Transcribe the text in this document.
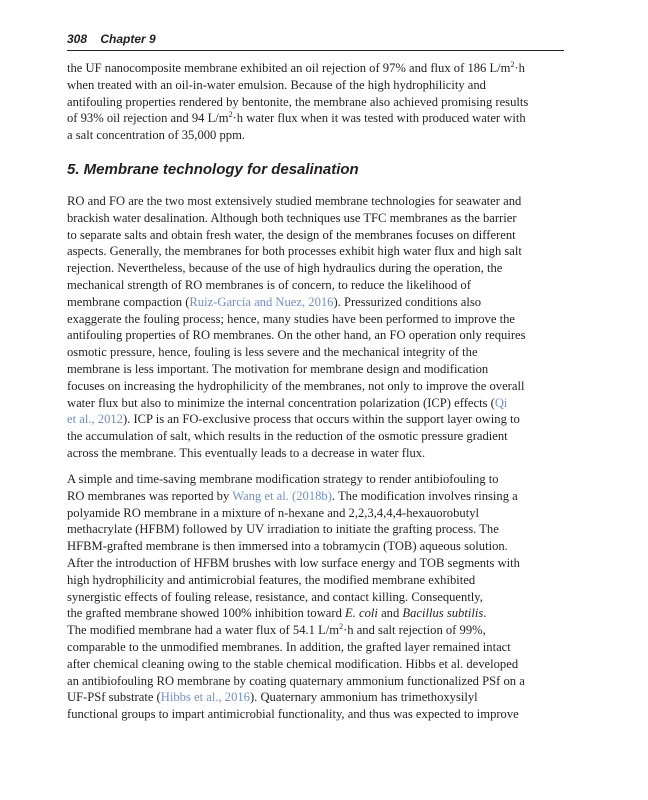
308 Chapter 9

the UF nanocomposite membrane exhibited an oil rejection of 97% and flux of 186 $L/m^2\cdot h$
when treated with an oil-in-water emulsion. Because of the high hydrophilicity and
antifouling properties rendered by bentonite, the membrane also achieved promising results
of 93% oil rejection and 94 $L/m^2\cdot h$ water flux when it was tested with produced water with
a salt concentration of 35,000 ppm.

5. Membrane technology for desalination

RO and FO are the two most extensively studied membrane technologies for seawater and
brackish water desalination. Although both techniques use TFC membranes as the barrier
to separate salts and obtain fresh water, the design of the membranes focuses on different
aspects. Generally, the membranes for both processes exhibit high water flux and high salt
rejection. Nevertheless, because of the use of high hydraulics during the operation, the
mechanical strength of RO membranes is of concern, to reduce the likelihood of
membrane compaction (Ruiz-García and Nuez, 2016). Pressurized conditions also
exaggerate the fouling process; hence, many studies have been performed to improve the
antifouling properties of RO membranes. On the other hand, an FO operation only requires
osmotic pressure, hence, fouling is less severe and the mechanical integrity of the
membrane is less important. The motivation for membrane design and modification
focuses on increasing the hydrophilicity of the membranes, not only to improve the overall
water flux but also to minimize the internal concentration polarization (ICP) effects (Qi
et al., 2012). ICP is an FO-exclusive process that occurs within the support layer owing to
the accumulation of salt, which results in the reduction of the osmotic pressure gradient
across the membrane. This eventually leads to a decrease in water flux.

A simple and time-saving membrane modification strategy to render antibiofouling to
RO membranes was reported by Wang et al. (2018b). The modification involves rinsing a
polyamide RO membrane in a mixture of n-hexane and 2,2,3,4,4,4-hexauorobutyl
methacrylate (HFBM) followed by UV irradiation to initiate the grafting process. The
HFBM-grafted membrane is then immersed into a tobramycin (TOB) aqueous solution.
After the introduction of HFBM brushes with low surface energy and TOB segments with
high hydrophilicity and antimicrobial features, the modified membrane exhibited
synergistic effects of fouling release, resistance, and contact killing. Consequently,
the grafted membrane showed 100% inhibition toward E. coli and Bacillus subtilis.
The modified membrane had a water flux of 54.1 $L/m^2\cdot h$ and salt rejection of 99%,
comparable to the unmodified membranes. In addition, the grafted layer remained intact
after chemical cleaning owing to the stable chemical modification. Hibbs et al. developed
an antibiofouling RO membrane by coating quaternary ammonium functionalized PSf on a
UF-PSf substrate (Hibbs et al., 2016). Quaternary ammonium has trimethoxysilyl
functional groups to impart antimicrobial functionality, and thus was expected to improve
